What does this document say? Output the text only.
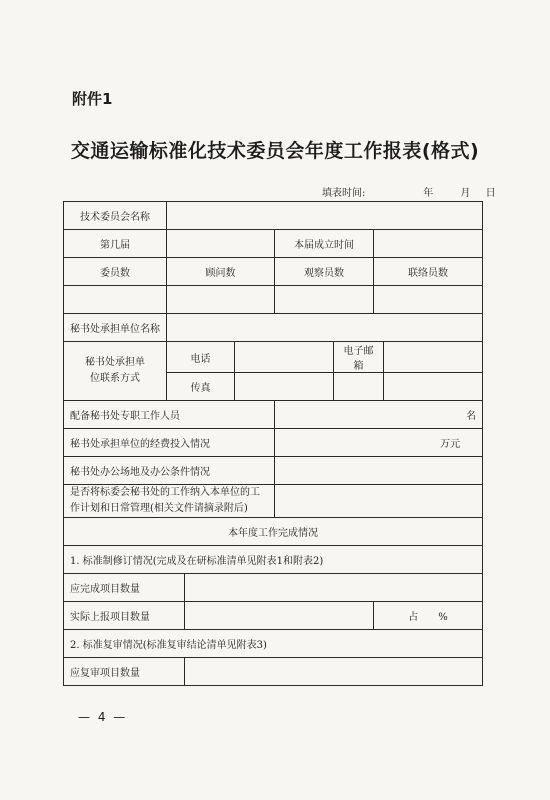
附件1
交通运输标准化技术委员会年度工作报表(格式)
填表时间:	年	月 日
技术委员会名称							
第几届				本届成立时间			
委员数	顾问数			观察员数		联络员数	

秘书处承担单位名称							
秘书处承担单位联系方式	电话				电子邮箱		
	传真						
配备秘书处专职工作人员				名			
秘书处承担单位的经费投入情况				万元			
秘书处办公场地及办公条件情况							
是否将标委会秘书处的工作纳入本单位的工作计划和日常管理(相关文件请摘录附后)							
本年度工作完成情况							
1. 标准制修订情况(完成及在研标准清单见附表1和附表2)							
应完成项目数量							
实际上报项目数量						占 %	
2. 标准复审情况(标准复审结论清单见附表3)							
应复审项目数量							
— 4 —
